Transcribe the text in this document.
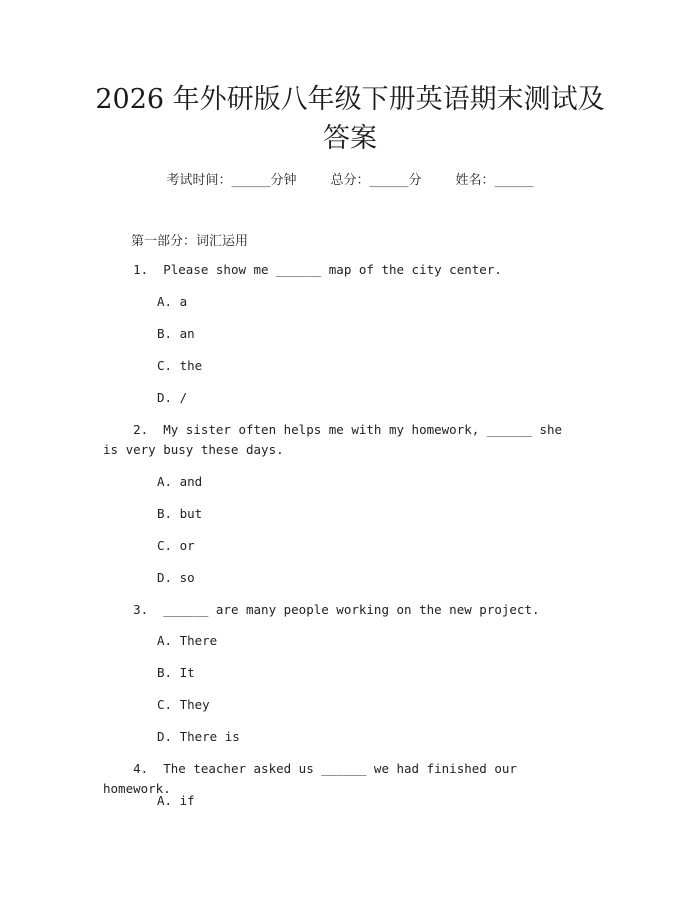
2026 年外研版八年级下册英语期末测试及答案
考试时间：______分钟	总分：______分	姓名：______
第一部分：词汇运用
1.  Please show me ______ map of the city center.
A. a
B. an
C. the
D. /
2.  My sister often helps me with my homework, ______ she is very busy these days.
A. and
B. but
C. or
D. so
3.  ______ are many people working on the new project.
A. There
B. It
C. They
D. There is
4.  The teacher asked us ______ we had finished our homework.
A. if
